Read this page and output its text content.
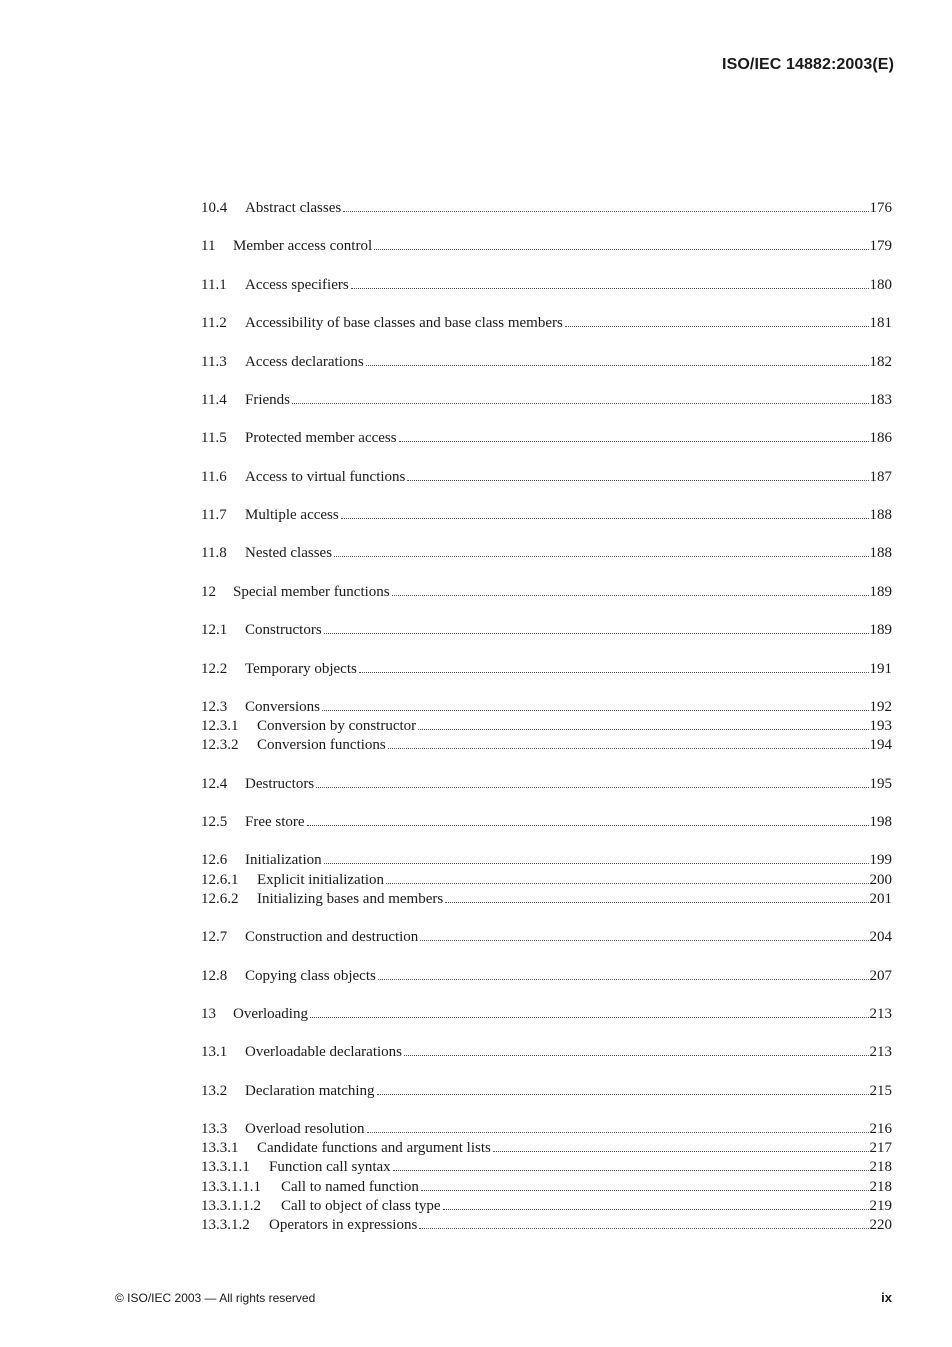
ISO/IEC 14882:2003(E)
10.4	Abstract classes	176
11	Member access control	179
11.1	Access specifiers	180
11.2	Accessibility of base classes and base class members	181
11.3	Access declarations	182
11.4	Friends	183
11.5	Protected member access	186
11.6	Access to virtual functions	187
11.7	Multiple access	188
11.8	Nested classes	188
12	Special member functions	189
12.1	Constructors	189
12.2	Temporary objects	191
12.3	Conversions	192
12.3.1	Conversion by constructor	193
12.3.2	Conversion functions	194
12.4	Destructors	195
12.5	Free store	198
12.6	Initialization	199
12.6.1	Explicit initialization	200
12.6.2	Initializing bases and members	201
12.7	Construction and destruction	204
12.8	Copying class objects	207
13	Overloading	213
13.1	Overloadable declarations	213
13.2	Declaration matching	215
13.3	Overload resolution	216
13.3.1	Candidate functions and argument lists	217
13.3.1.1	Function call syntax	218
13.3.1.1.1	Call to named function	218
13.3.1.1.2	Call to object of class type	219
13.3.1.2	Operators in expressions	220
© ISO/IEC 2003 — All rights reserved	ix
